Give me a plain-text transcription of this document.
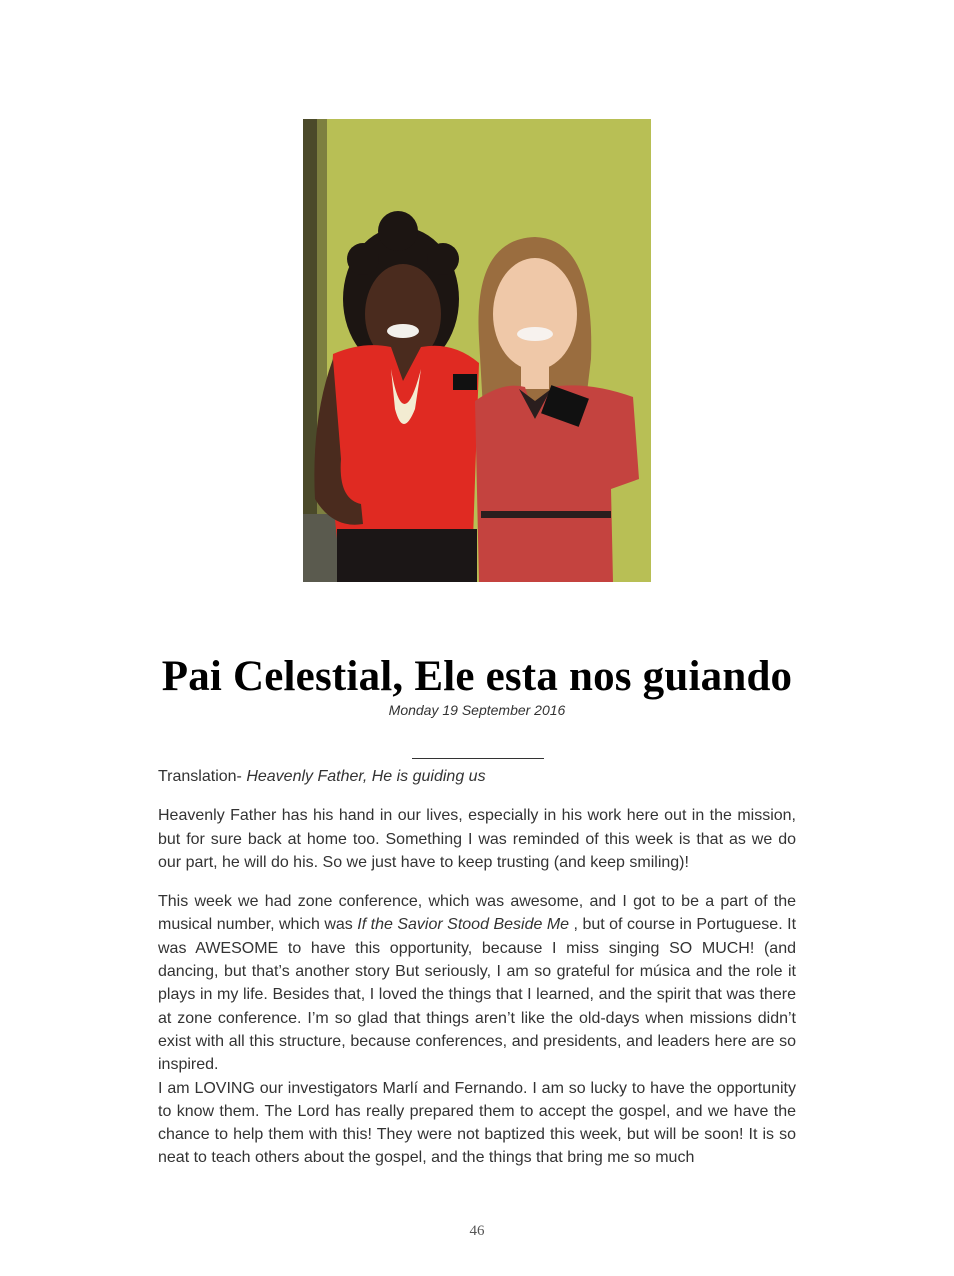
Pai Celestial, Ele esta nos guiando
Monday 19 September 2016

Translation- Heavenly Father, He is guiding us

Heavenly Father has his hand in our lives, especially in his work here out in the mission, but for sure back at home too. Something I was reminded of this week is that as we do our part, he will do his. So we just have to keep trusting (and keep smiling)!

This week we had zone conference, which was awesome, and I got to be a part of the musical number, which was If the Savior Stood Beside Me , but of course in Portuguese. It was AWESOME to have this opportunity, because I miss singing SO MUCH! (and dancing, but that’s another story But seriously, I am so grateful for música and the role it plays in my life. Besides that, I loved the things that I learned, and the spirit that was there at zone conference. I’m so glad that things aren’t like the old-days when missions didn’t exist with all this structure, because conferences, and presidents, and leaders here are so inspired.

I am LOVING our investigators Marlí and Fernando. I am so lucky to have the opportunity to know them. The Lord has really prepared them to accept the gospel, and we have the chance to help them with this! They were not baptized this week, but will be soon! It is so neat to teach others about the gospel, and the things that bring me so much

46
